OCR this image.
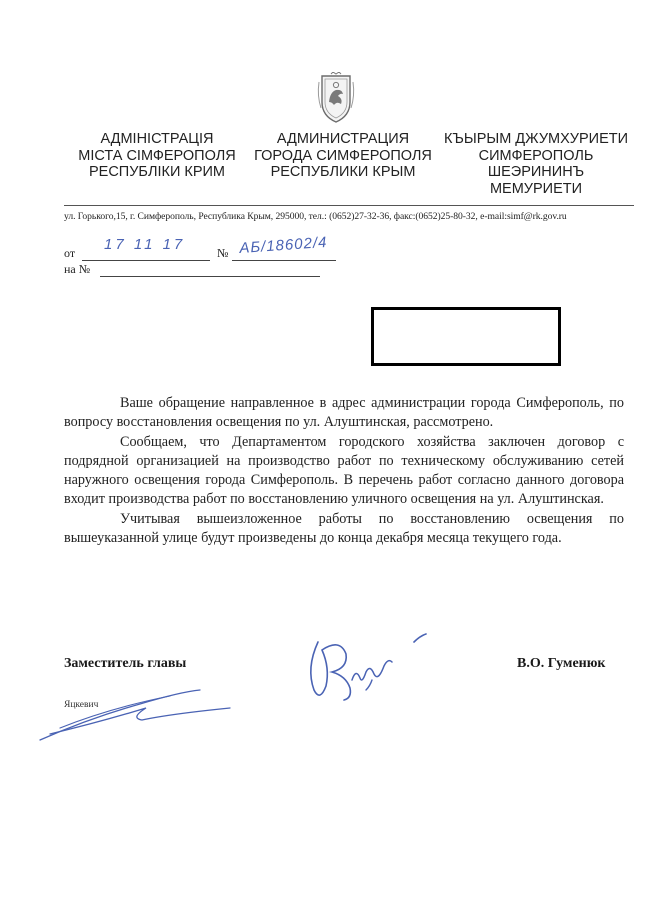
АДМІНІСТРАЦІЯ
МІСТА СІМФЕРОПОЛЯ
РЕСПУБЛІКИ КРИМ
АДМИНИСТРАЦИЯ
ГОРОДА СИМФЕРОПОЛЯ
РЕСПУБЛИКИ КРЫМ
КЪЫРЫМ ДЖУМХУРИЕТИ
СИМФЕРОПОЛЬ
ШЕЭРИНИНЪ
МЕМУРИЕТИ
ул. Горького,15, г. Симферополь, Республика Крым, 295000, тел.: (0652)27-32-36, факс:(0652)25-80-32, e-mail:simf@rk.gov.ru
от 17 11 17	№ АБ/18602/4
на №

Ваше обращение направленное в адрес администрации города Симферополь, по вопросу восстановления освещения по ул. Алуштинская, рассмотрено.

Сообщаем, что Департаментом городского хозяйства заключен договор с подрядной организацией на производство работ по техническому обслуживанию сетей наружного освещения города Симферополь. В перечень работ согласно данного договора входит производства работ по восстановлению уличного освещения на ул. Алуштинская.

Учитывая вышеизложенное работы по восстановлению освещения по вышеуказанной улице будут произведены до конца декабря месяца текущего года.

Заместитель главы	В.О. Гуменюк
Яцкевич
